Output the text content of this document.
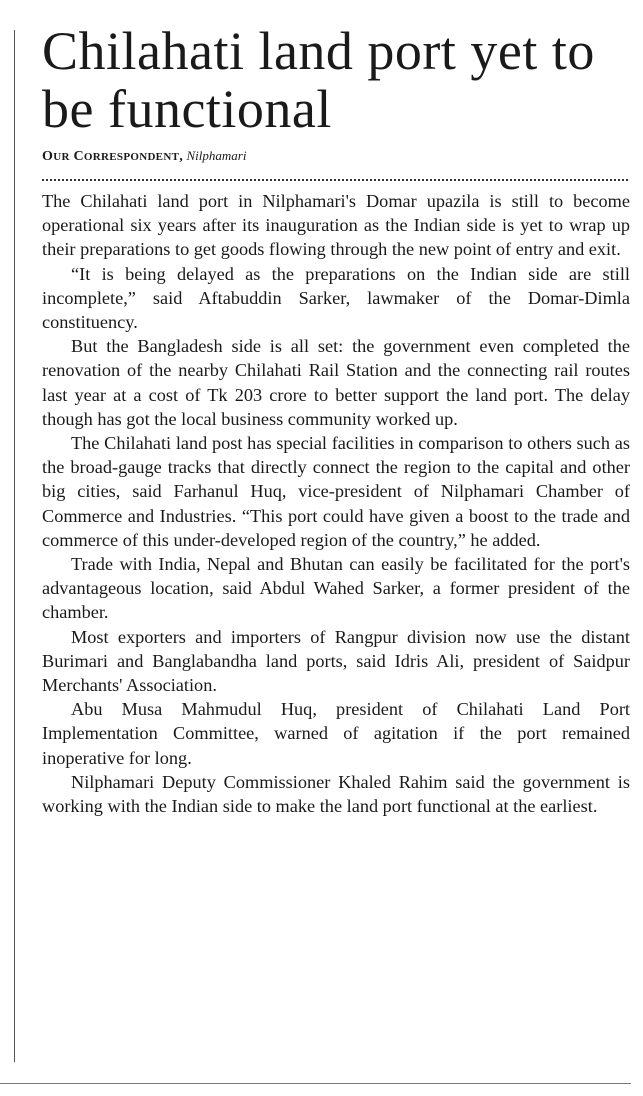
Chilahati land port yet to be functional
OUR CORRESPONDENT, Nilphamari

The Chilahati land port in Nilphamari's Domar upazila is still to become operational six years after its inauguration as the Indian side is yet to wrap up their preparations to get goods flowing through the new point of entry and exit.

“It is being delayed as the preparations on the Indian side are still incomplete,” said Aftabuddin Sarker, lawmaker of the Domar-Dimla constituency.

But the Bangladesh side is all set: the government even completed the renovation of the nearby Chilahati Rail Station and the connecting rail routes last year at a cost of Tk 203 crore to better support the land port. The delay though has got the local business community worked up.

The Chilahati land post has special facilities in comparison to others such as the broad-gauge tracks that directly connect the region to the capital and other big cities, said Farhanul Huq, vice-president of Nilphamari Chamber of Commerce and Industries. “This port could have given a boost to the trade and commerce of this under-developed region of the country,” he added.

Trade with India, Nepal and Bhutan can easily be facilitated for the port's advantageous location, said Abdul Wahed Sarker, a former president of the chamber.

Most exporters and importers of Rangpur division now use the distant Burimari and Banglabandha land ports, said Idris Ali, president of Saidpur Merchants' Association.

Abu Musa Mahmudul Huq, president of Chilahati Land Port Implementation Committee, warned of agitation if the port remained inoperative for long.

Nilphamari Deputy Commissioner Khaled Rahim said the government is working with the Indian side to make the land port functional at the earliest.
